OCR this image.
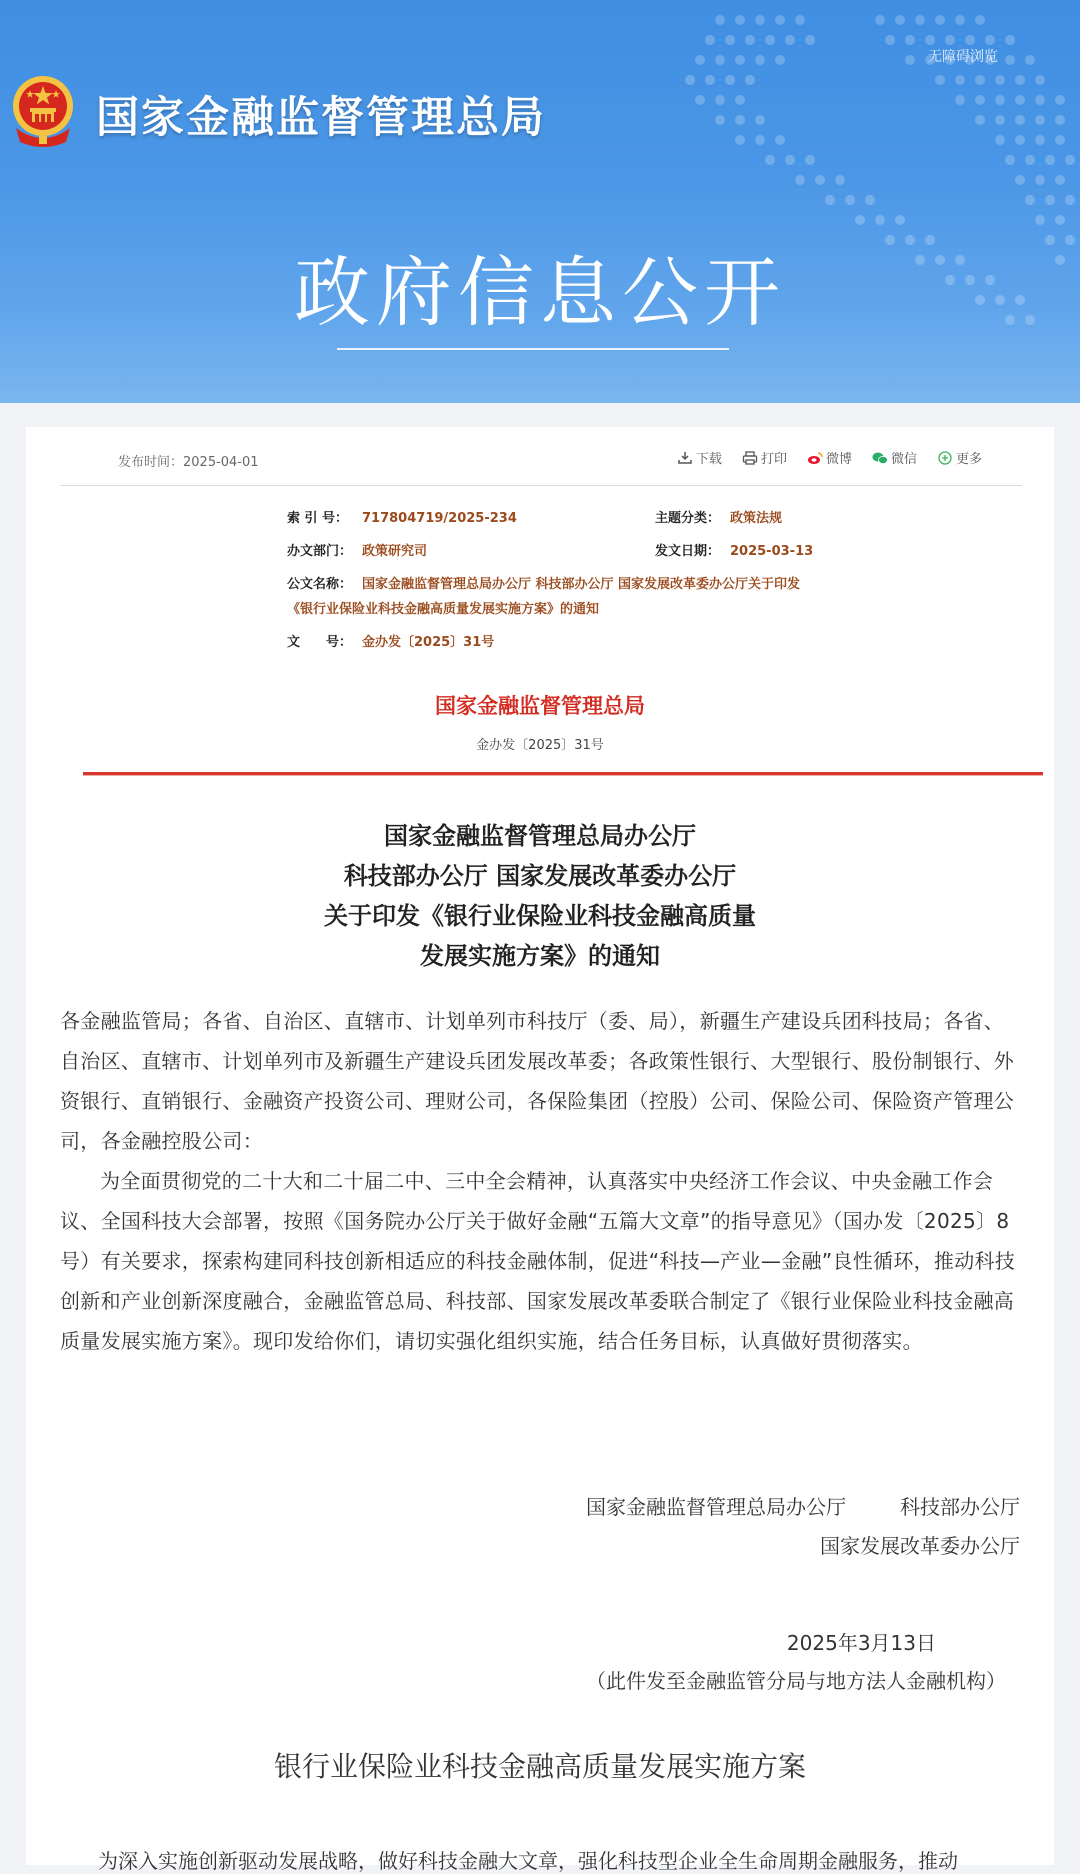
国家金融监督管理总局
无障碍浏览
政府信息公开
发布时间：2025-04-01	下载	打印	微博	微信	更多
索 引 号： 717804719/2025-234	主题分类： 政策法规
办文部门： 政策研究司	发文日期： 2025-03-13
公文名称： 国家金融监督管理总局办公厅 科技部办公厅 国家发展改革委办公厅关于印发
《银行业保险业科技金融高质量发展实施方案》的通知
文　　号： 金办发〔2025〕31号
国家金融监督管理总局
金办发〔2025〕31号
国家金融监督管理总局办公厅
科技部办公厅 国家发展改革委办公厅
关于印发《银行业保险业科技金融高质量
发展实施方案》的通知

各金融监管局；各省、自治区、直辖市、计划单列市科技厅（委、局），新疆生产建设兵团科技局；各省、自治区、直辖市、计划单列市及新疆生产建设兵团发展改革委；各政策性银行、大型银行、股份制银行、外资银行、直销银行、金融资产投资公司、理财公司，各保险集团（控股）公司、保险公司、保险资产管理公司，各金融控股公司：

为全面贯彻党的二十大和二十届二中、三中全会精神，认真落实中央经济工作会议、中央金融工作会议、全国科技大会部署，按照《国务院办公厅关于做好金融“五篇大文章”的指导意见》（国办发〔2025〕8号）有关要求，探索构建同科技创新相适应的科技金融体制，促进“科技—产业—金融”良性循环，推动科技创新和产业创新深度融合，金融监管总局、科技部、国家发展改革委联合制定了《银行业保险业科技金融高质量发展实施方案》。现印发给你们，请切实强化组织实施，结合任务目标，认真做好贯彻落实。

国家金融监督管理总局办公厅	科技部办公厅
国家发展改革委办公厅
2025年3月13日
（此件发至金融监管分局与地方法人金融机构）
银行业保险业科技金融高质量发展实施方案
为深入实施创新驱动发展战略，做好科技金融大文章，强化科技型企业全生命周期金融服务，推动
